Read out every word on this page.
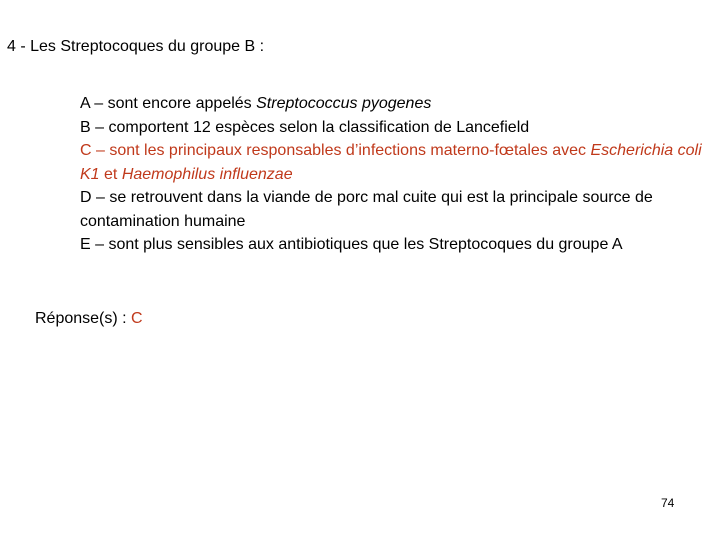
4 - Les Streptocoques du groupe B :

A – sont encore appelés Streptococcus pyogenes

B – comportent 12 espèces selon la classification de Lancefield

C – sont les principaux responsables d’infections materno-fœtales avec Escherichia coli K1 et Haemophilus influenzae

D – se retrouvent dans la viande de porc mal cuite qui est la principale source de contamination humaine

E – sont plus sensibles aux antibiotiques que les Streptocoques du groupe A

Réponse(s) : C
74
